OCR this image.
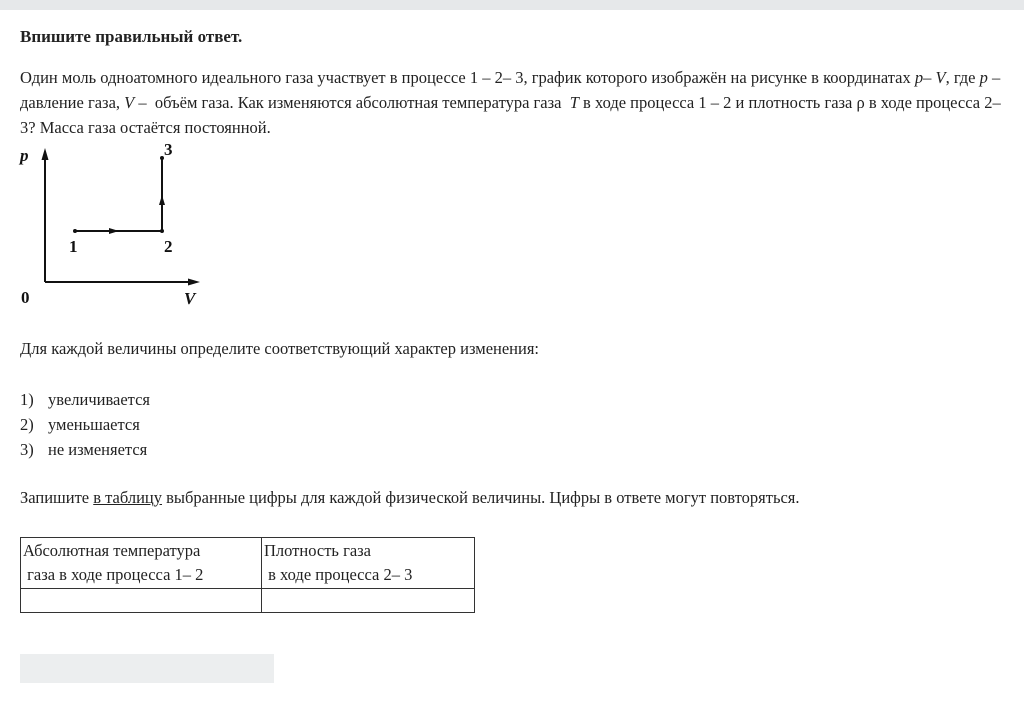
Впишите правильный ответ.
Один моль одноатомного идеального газа участвует в процессе 1 – 2– 3, график которого изображён на рисунке в координатах p– V, где p –  давление газа, V – объём газа. Как изменяются абсолютная температура газа T в ходе процесса 1 – 2 и плотность газа ρ в ходе процесса 2– 3? Масса газа остаётся постоянной.
p
V
0
1	2
3
Для каждой величины определите соответствующий характер изменения:
1) увеличивается
2) уменьшается
3) не изменяется
Запишите в таблицу выбранные цифры для каждой физической величины. Цифры в ответе могут повторяться.
Абсолютная температура
газа в ходе процесса 1– 2	Плотность газа
в ходе процесса 2– 3
